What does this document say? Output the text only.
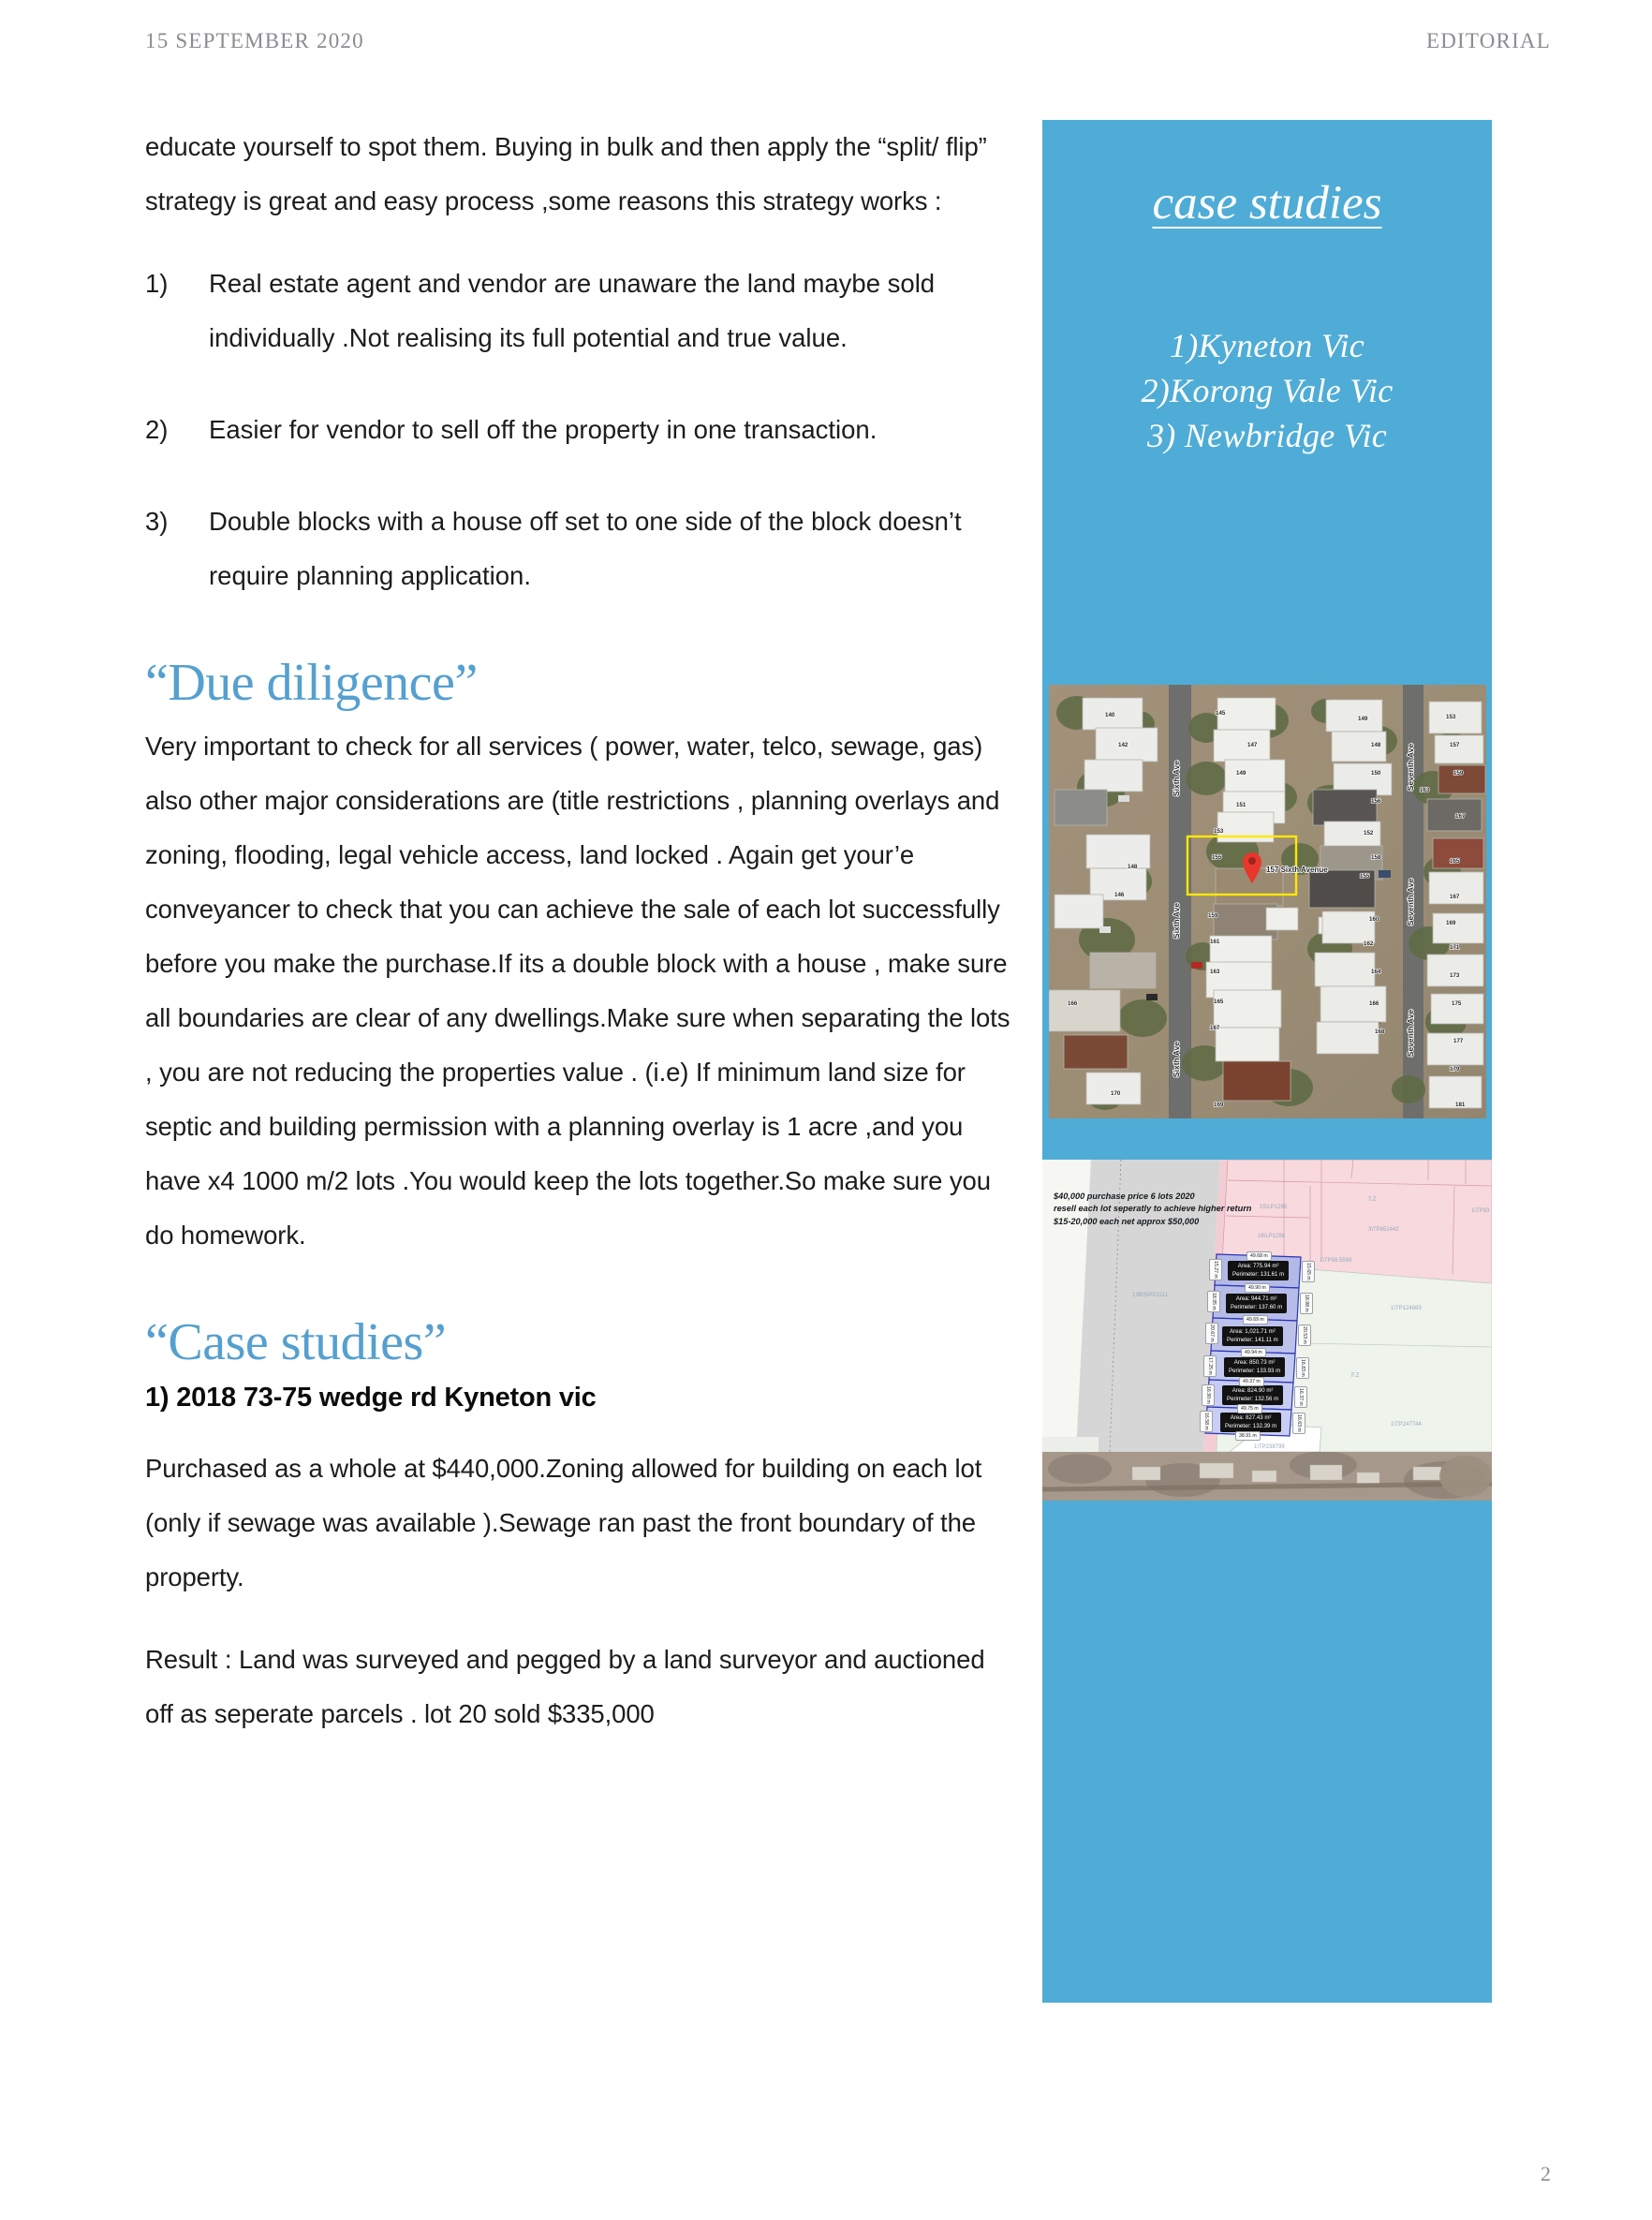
15 SEPTEMBER 2020	EDITORIAL

educate yourself to spot them. Buying in bulk and then apply the “split/ flip” strategy is great and easy process ,some reasons this strategy works :

1)	Real estate agent and vendor are unaware the land maybe sold individually .Not realising its full potential and true value.
2)	Easier for vendor to sell off the property in one transaction.
3)	Double blocks with a house off set to one side of the block doesn’t require planning application.
“Due diligence”

Very important to check for all services ( power, water, telco, sewage, gas) also other major considerations are (title restrictions , planning overlays and zoning, flooding, legal vehicle access, land locked . Again get your’e conveyancer to check that you can achieve the sale of each lot successfully before you make the purchase.If its a double block with a house , make sure all boundaries are clear of any dwellings.Make sure when separating the lots , you are not reducing the properties value . (i.e) If minimum land size for septic and building permission with a planning overlay is 1 acre ,and you have x4 1000 m/2 lots .You would keep the lots together.So make sure you do homework.

“Case studies”
1) 2018 73-75 wedge rd Kyneton vic

Purchased as a whole at $440,000.Zoning allowed for building on each lot (only if sewage was available ).Sewage ran past the front boundary of the property.

Result : Land was surveyed and pegged by a land surveyor and auctioned off as seperate parcels . lot 20 sold $335,000

case studies
1)Kyneton Vic
2)Korong Vale Vic
3) Newbridge Vic
Sixth Ave
Sixth Ave
Sixth Ave
Seventh Ave
Seventh Ave
Seventh Ave
157 Sixth Avenue
140
142
148
146
166
170
145
147
149
151
153
155
159
161
163
165
167
169
149
148
150
156
152
158
155
160
162
164
166
168
153
157
159
163
167
165
167
169
171
173
175
177
179
181
$40,000 purchase price 6 lots 2020
resell each lot seperatly to achieve higher return
$15-20,000 each net approx $50,000
Area: 775.94 m²
Perimeter: 131.61 m
Area: 944.71 m²
Perimeter: 137.60 m
Area: 1,021.71 m²
Perimeter: 141.11 m
Area: 850.73 m²
Perimeter: 133.93 m
Area: 824.90 m²
Perimeter: 132.56 m
Area: 827.43 m²
Perimeter: 132.39 m
49.68 m
49.90 m
49.69 m
49.94 m
49.37 m
49.75 m
38.91 m
15.27 m
18.95 m
20.67 m
17.25 m
16.90 m
16.58 m
15.65 m
18.98 m
20.53 m
16.83 m
16.37 m
16.63 m
15\LP1296
16\LP1296
3\TP651442
1\TP93
1\TP56.5599
1\TP124983
1\TP247744
1\TP238799
13B\5\PP2211
T.Z
F.Z
2
